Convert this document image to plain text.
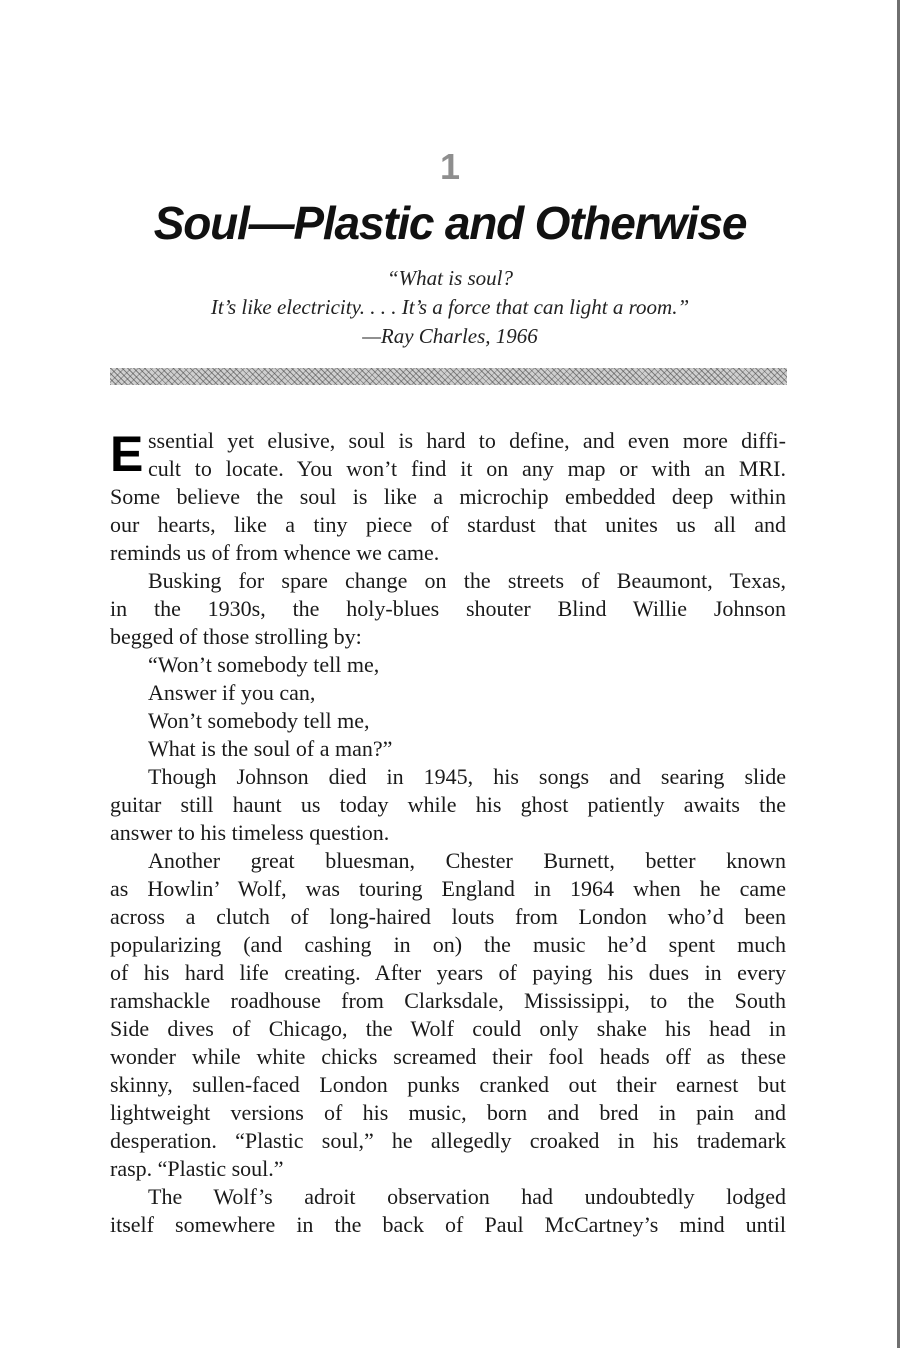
1
Soul—Plastic and Otherwise
“What is soul?
It’s like electricity. . . . It’s a force that can light a room.”
—Ray Charles, 1966
E ssential yet elusive, soul is hard to define, and even more diffi-
cult to locate. You won’t find it on any map or with an MRI.
Some believe the soul is like a microchip embedded deep within
our hearts, like a tiny piece of stardust that unites us all and
reminds us of from whence we came.
Busking for spare change on the streets of Beaumont, Texas,
in the 1930s, the holy-blues shouter Blind Willie Johnson
begged of those strolling by:
“Won’t somebody tell me,
Answer if you can,
Won’t somebody tell me,
What is the soul of a man?”
Though Johnson died in 1945, his songs and searing slide
guitar still haunt us today while his ghost patiently awaits the
answer to his timeless question.
Another great bluesman, Chester Burnett, better known
as Howlin’ Wolf, was touring England in 1964 when he came
across a clutch of long-haired louts from London who’d been
popularizing (and cashing in on) the music he’d spent much
of his hard life creating. After years of paying his dues in every
ramshackle roadhouse from Clarksdale, Mississippi, to the South
Side dives of Chicago, the Wolf could only shake his head in
wonder while white chicks screamed their fool heads off as these
skinny, sullen-faced London punks cranked out their earnest but
lightweight versions of his music, born and bred in pain and
desperation. “Plastic soul,” he allegedly croaked in his trademark
rasp. “Plastic soul.”
The Wolf’s adroit observation had undoubtedly lodged
itself somewhere in the back of Paul McCartney’s mind until
